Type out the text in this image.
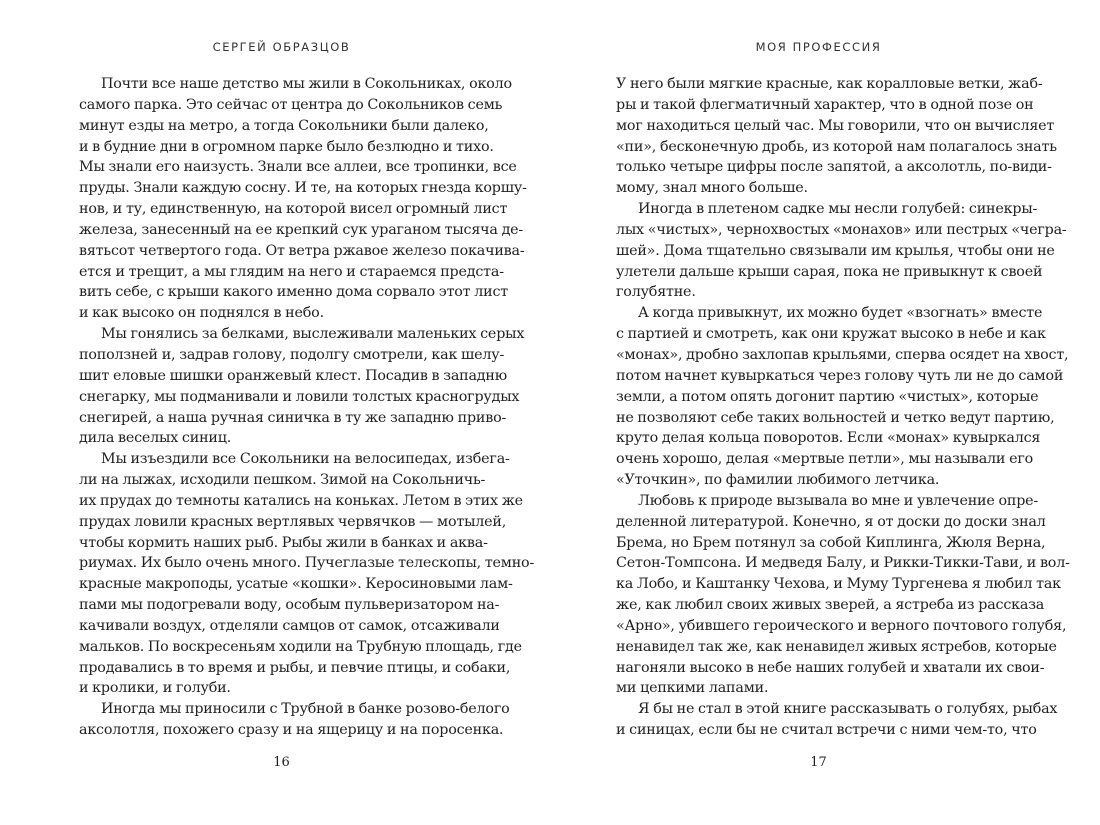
СЕРГЕЙ ОБРАЗЦОВ
Почти все наше детство мы жили в Сокольниках, около
самого парка. Это сейчас от центра до Сокольников семь
минут езды на метро, а тогда Сокольники были далеко,
и в будние дни в огромном парке было безлюдно и тихо.
Мы знали его наизусть. Знали все аллеи, все тропинки, все
пруды. Знали каждую сосну. И те, на которых гнезда коршу-
нов, и ту, единственную, на которой висел огромный лист
железа, занесенный на ее крепкий сук ураганом тысяча де-
вятьсот четвертого года. От ветра ржавое железо покачива-
ется и трещит, а мы глядим на него и стараемся предста-
вить себе, с крыши какого именно дома сорвало этот лист
и как высоко он поднялся в небо.
Мы гонялись за белками, выслеживали маленьких серых
поползней и, задрав голову, подолгу смотрели, как шелу-
шит еловые шишки оранжевый клест. Посадив в западню
снегарку, мы подманивали и ловили толстых красногрудых
снегирей, а наша ручная синичка в ту же западню приво-
дила веселых синиц.
Мы изъездили все Сокольники на велосипедах, избега-
ли на лыжах, исходили пешком. Зимой на Сокольничь-
их прудах до темноты катались на коньках. Летом в этих же
прудах ловили красных вертлявых червячков — мотылей,
чтобы кормить наших рыб. Рыбы жили в банках и аква-
риумах. Их было очень много. Пучеглазые телескопы, темно-
красные макроподы, усатые «кошки». Керосиновыми лам-
пами мы подогревали воду, особым пульверизатором на-
качивали воздух, отделяли самцов от самок, отсаживали
мальков. По воскресеньям ходили на Трубную площадь, где
продавались в то время и рыбы, и певчие птицы, и собаки,
и кролики, и голуби.
Иногда мы приносили с Трубной в банке розово-белого
аксолотля, похожего сразу и на ящерицу и на поросенка.
16
МОЯ ПРОФЕССИЯ
У него были мягкие красные, как коралловые ветки, жаб-
ры и такой флегматичный характер, что в одной позе он
мог находиться целый час. Мы говорили, что он вычисляет
«пи», бесконечную дробь, из которой нам полагалось знать
только четыре цифры после запятой, а аксолотль, по-види-
мому, знал много больше.
Иногда в плетеном садке мы несли голубей: синекры-
лых «чистых», чернохвостых «монахов» или пестрых «чегра-
шей». Дома тщательно связывали им крылья, чтобы они не
улетели дальше крыши сарая, пока не привыкнут к своей
голубятне.
А когда привыкнут, их можно будет «взогнать» вместе
с партией и смотреть, как они кружат высоко в небе и как
«монах», дробно захлопав крыльями, сперва осядет на хвост,
потом начнет кувыркаться через голову чуть ли не до самой
земли, а потом опять догонит партию «чистых», которые
не позволяют себе таких вольностей и четко ведут партию,
круто делая кольца поворотов. Если «монах» кувыркался
очень хорошо, делая «мертвые петли», мы называли его
«Уточкин», по фамилии любимого летчика.
Любовь к природе вызывала во мне и увлечение опре-
деленной литературой. Конечно, я от доски до доски знал
Брема, но Брем потянул за собой Киплинга, Жюля Верна,
Сетон-Томпсона. И медведя Балу, и Рикки-Тикки-Тави, и вол-
ка Лобо, и Каштанку Чехова, и Муму Тургенева я любил так
же, как любил своих живых зверей, а ястреба из рассказа
«Арно», убившего героического и верного почтового голубя,
ненавидел так же, как ненавидел живых ястребов, которые
нагоняли высоко в небе наших голубей и хватали их свои-
ми цепкими лапами.
Я бы не стал в этой книге рассказывать о голубях, рыбах
и синицах, если бы не считал встречи с ними чем-то, что
17
